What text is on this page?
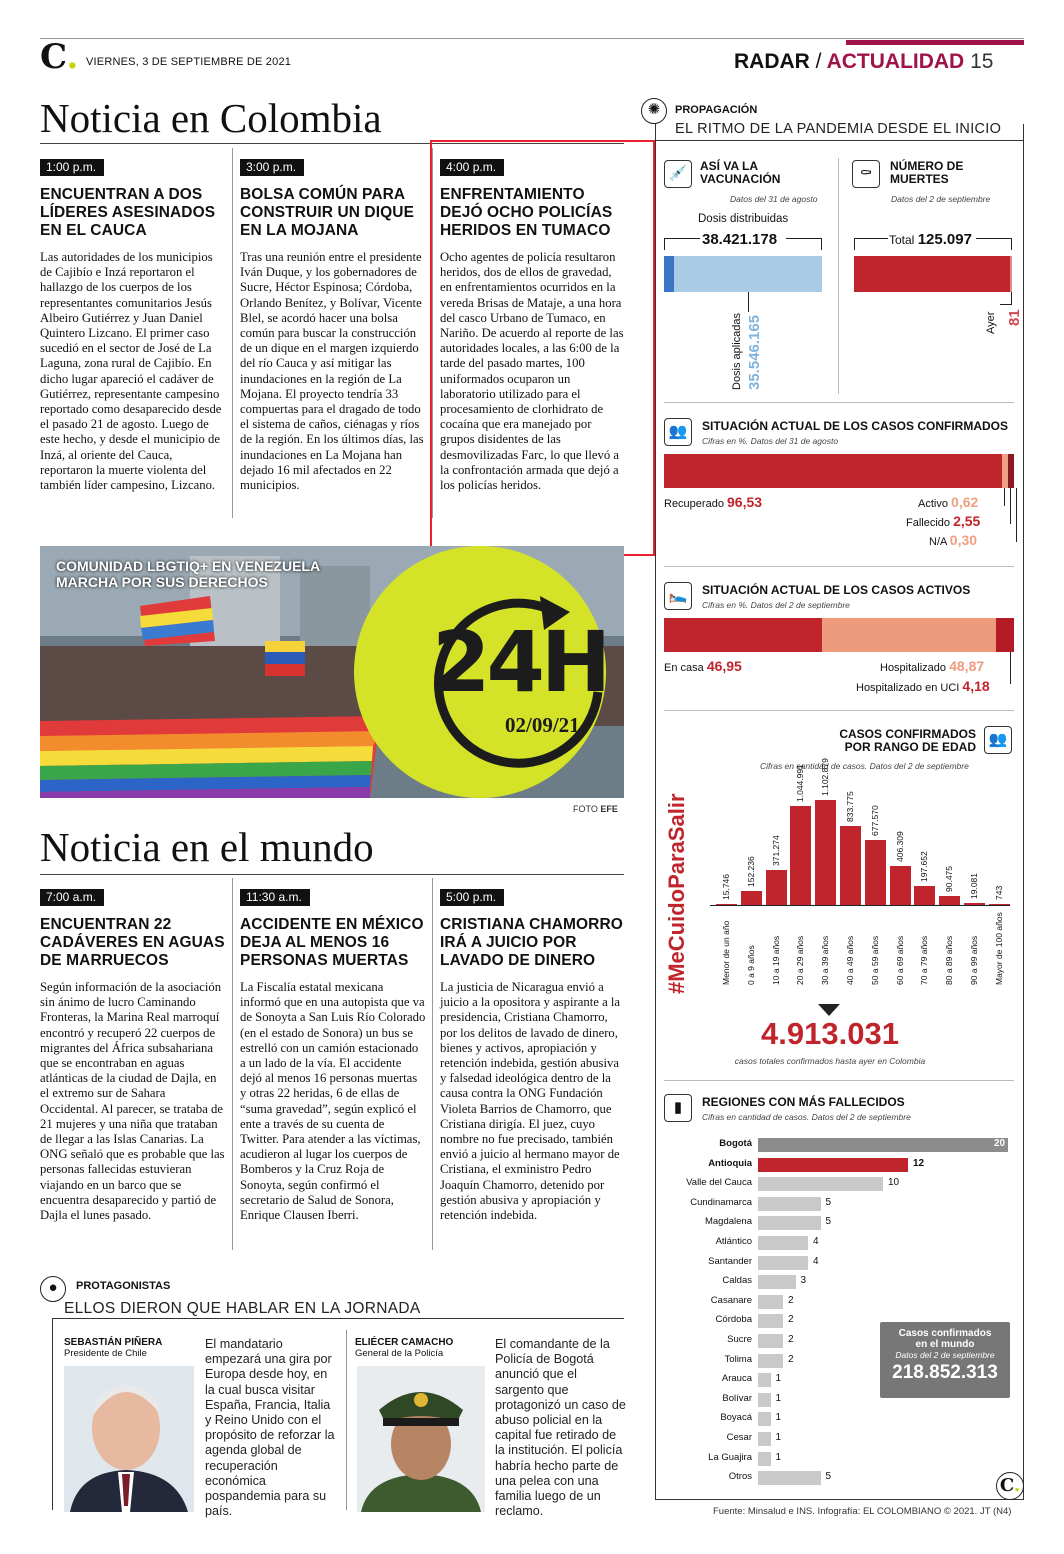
C. VIERNES, 3 DE SEPTIEMBRE DE 2021	RADAR / ACTUALIDAD 15
Noticia en Colombia
1:00 p.m.
ENCUENTRAN A DOS LÍDERES ASESINADOS EN EL CAUCA
Las autoridades de los municipios de Cajibío e Inzá reportaron el hallazgo de los cuerpos de los representantes comunitarios Jesús Albeiro Gutiérrez y Juan Daniel Quintero Lizcano. El primer caso sucedió en el sector de José de La Laguna, zona rural de Cajibío. En dicho lugar apareció el cadáver de Gutiérrez, representante campesino reportado como desaparecido desde el pasado 21 de agosto. Luego de este hecho, y desde el municipio de Inzá, al oriente del Cauca, reportaron la muerte violenta del también líder campesino, Lizcano.
3:00 p.m.
BOLSA COMÚN PARA CONSTRUIR UN DIQUE EN LA MOJANA
Tras una reunión entre el presidente Iván Duque, y los gobernadores de Sucre, Héctor Espinosa; Córdoba, Orlando Benítez, y Bolívar, Vicente Blel, se acordó hacer una bolsa común para buscar la construcción de un dique en el margen izquierdo del río Cauca y así mitigar las inundaciones en la región de La Mojana. El proyecto tendría 33 compuertas para el dragado de todo el sistema de caños, ciénagas y ríos de la región. En los últimos días, las inundaciones en La Mojana han dejado 16 mil afectados en 22 municipios.
4:00 p.m.
ENFRENTAMIENTO DEJÓ OCHO POLICÍAS HERIDOS EN TUMACO
Ocho agentes de policía resultaron heridos, dos de ellos de gravedad, en enfrentamientos ocurridos en la vereda Brisas de Mataje, a una hora del casco Urbano de Tumaco, en Nariño. De acuerdo al reporte de las autoridades locales, a las 6:00 de la tarde del pasado martes, 100 uniformados ocuparon un laboratorio utilizado para el procesamiento de clorhidrato de cocaína que era manejado por grupos disidentes de las desmovilizadas Farc, lo que llevó a la confrontación armada que dejó a los policías heridos.
COMUNIDAD LBGTIQ+ EN VENEZUELA MARCHA POR SUS DERECHOS
24H
02/09/21
FOTO EFE
Noticia en el mundo
7:00 a.m.
ENCUENTRAN 22 CADÁVERES EN AGUAS DE MARRUECOS
Según información de la asociación sin ánimo de lucro Caminando Fronteras, la Marina Real marroquí encontró y recuperó 22 cuerpos de migrantes del África subsahariana que se encontraban en aguas atlánticas de la ciudad de Dajla, en el extremo sur de Sahara Occidental. Al parecer, se trataba de 21 mujeres y una niña que trataban de llegar a las Islas Canarias. La ONG señaló que es probable que las personas fallecidas estuvieran viajando en un barco que se encuentra desaparecido y partió de Dajla el lunes pasado.
11:30 a.m.
ACCIDENTE EN MÉXICO DEJA AL MENOS 16 PERSONAS MUERTAS
La Fiscalía estatal mexicana informó que en una autopista que va de Sonoyta a San Luis Río Colorado (en el estado de Sonora) un bus se estrelló con un camión estacionado a un lado de la vía. El accidente dejó al menos 16 personas muertas y otras 22 heridas, 6 de ellas de “suma gravedad”, según explicó el ente a través de su cuenta de Twitter. Para atender a las víctimas, acudieron al lugar los cuerpos de Bomberos y la Cruz Roja de Sonoyta, según confirmó el secretario de Salud de Sonora, Enrique Clausen Iberri.
5:00 p.m.
CRISTIANA CHAMORRO IRÁ A JUICIO POR LAVADO DE DINERO
La justicia de Nicaragua envió a juicio a la opositora y aspirante a la presidencia, Cristiana Chamorro, por los delitos de lavado de dinero, bienes y activos, apropiación y retención indebida, gestión abusiva y falsedad ideológica dentro de la causa contra la ONG Fundación Violeta Barrios de Chamorro, que Cristiana dirigía. El juez, cuyo nombre no fue precisado, también envió a juicio al hermano mayor de Cristiana, el exministro Pedro Joaquín Chamorro, detenido por gestión abusiva y apropiación y retención indebida.
●	PROTAGONISTAS
ELLOS DIERON QUE HABLAR EN LA JORNADA
SEBASTIÁN PIÑERA
Presidente de Chile
El mandatario empezará una gira por Europa desde hoy, en la cual busca visitar España, Francia, Italia y Reino Unido con el propósito de reforzar la agenda global de recuperación económica pospandemia para su país.
ELIÉCER CAMACHO
General de la Policía
El comandante de la Policía de Bogotá anunció que el sargento que protagonizó un caso de abuso policial en la capital fue retirado de la institución. El policía habría hecho parte de una pelea con una familia luego de un reclamo.
✺	PROPAGACIÓN
EL RITMO DE LA PANDEMIA DESDE EL INICIO
💉	ASÍ VA LA VACUNACIÓN
Datos del 31 de agosto
Dosis distribuidas
38.421.178
Dosis aplicadas 35.546.165
⚰	NÚMERO DE MUERTES
Datos del 2 de septiembre
Total 125.097
Ayer 81
👥	SITUACIÓN ACTUAL DE LOS CASOS CONFIRMADOS
Cifras en %. Datos del 31 de agosto
Recuperado 96,53	Activo 0,62
Fallecido 2,55
N/A 0,30
🛌	SITUACIÓN ACTUAL DE LOS CASOS ACTIVOS
Cifras en %. Datos del 2 de septiembre
En casa 46,95	Hospitalizado 48,87
Hospitalizado en UCI 4,18
#MeCuidoParaSalir
👥
CASOS CONFIRMADOS POR RANGO DE EDAD
Cifras en cantidad de casos. Datos del 2 de septiembre
15.746
Menor de un año
152.236
0 a 9 años
371.274
10 a 19 años
1.044.991
20 a 29 años
1.102.879
30 a 39 años
833.775
40 a 49 años
677.570
50 a 59 años
406.309
60 a 69 años
197.652
70 a 79 años
90.475
80 a 89 años
19.081
90 a 99 años
743
Mayor de 100 años
4.913.031
casos totales confirmados hasta ayer en Colombia
▮	REGIONES CON MÁS FALLECIDOS
Cifras en cantidad de casos. Datos del 2 de septiembre
Bogotá	20
Antioquia	12
Valle del Cauca	10
Cundinamarca	5
Magdalena	5
Atlántico	4
Santander	4
Caldas	3
Casanare	2
Córdoba	2
Sucre	2
Tolima	2
Arauca 1
Bolívar 1
Boyacá 1
Cesar 1
La Guajira 1
Otros	5
Casos confirmados en el mundo
Datos del 2 de septiembre
218.852.313
C.
Fuente: Minsalud e INS. Infografía: EL COLOMBIANO © 2021. JT (N4)
